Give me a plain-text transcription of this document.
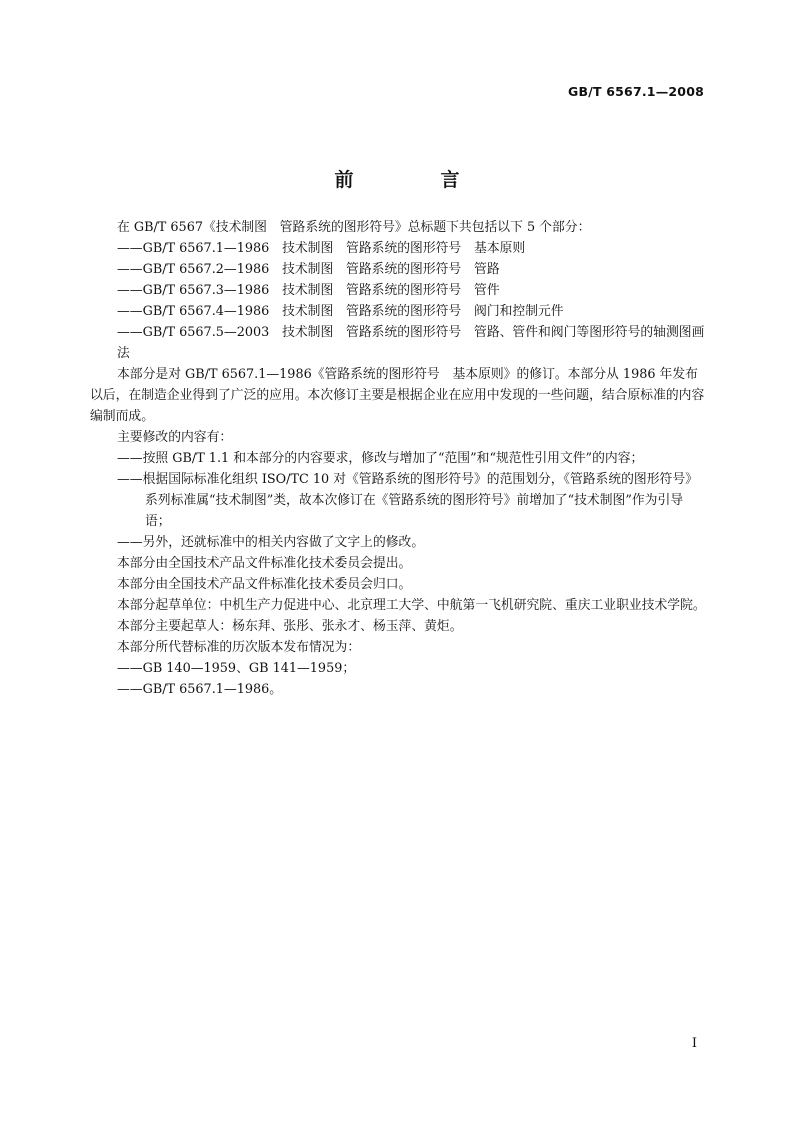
GB/T 6567.1—2008
前　言

在 GB/T 6567《技术制图　管路系统的图形符号》总标题下共包括以下 5 个部分：

——GB/T 6567.1—1986　技术制图　管路系统的图形符号　基本原则

——GB/T 6567.2—1986　技术制图　管路系统的图形符号　管路

——GB/T 6567.3—1986　技术制图　管路系统的图形符号　管件

——GB/T 6567.4—1986　技术制图　管路系统的图形符号　阀门和控制元件

——GB/T 6567.5—2003　技术制图　管路系统的图形符号　管路、管件和阀门等图形符号的轴测图画法

本部分是对 GB/T 6567.1—1986《管路系统的图形符号　基本原则》的修订。本部分从 1986 年发布以后，在制造企业得到了广泛的应用。本次修订主要是根据企业在应用中发现的一些问题，结合原标准的内容编制而成。

主要修改的内容有：

——按照 GB/T 1.1 和本部分的内容要求，修改与增加了“范围”和“规范性引用文件”的内容；

——根据国际标准化组织 ISO/TC 10 对《管路系统的图形符号》的范围划分，《管路系统的图形符号》系列标准属“技术制图”类，故本次修订在《管路系统的图形符号》前增加了“技术制图”作为引导语；

——另外，还就标准中的相关内容做了文字上的修改。

本部分由全国技术产品文件标准化技术委员会提出。

本部分由全国技术产品文件标准化技术委员会归口。

本部分起草单位：中机生产力促进中心、北京理工大学、中航第一飞机研究院、重庆工业职业技术学院。

本部分主要起草人：杨东拜、张彤、张永才、杨玉萍、黄炬。

本部分所代替标准的历次版本发布情况为：

——GB 140—1959、GB 141—1959；

——GB/T 6567.1—1986。

I
